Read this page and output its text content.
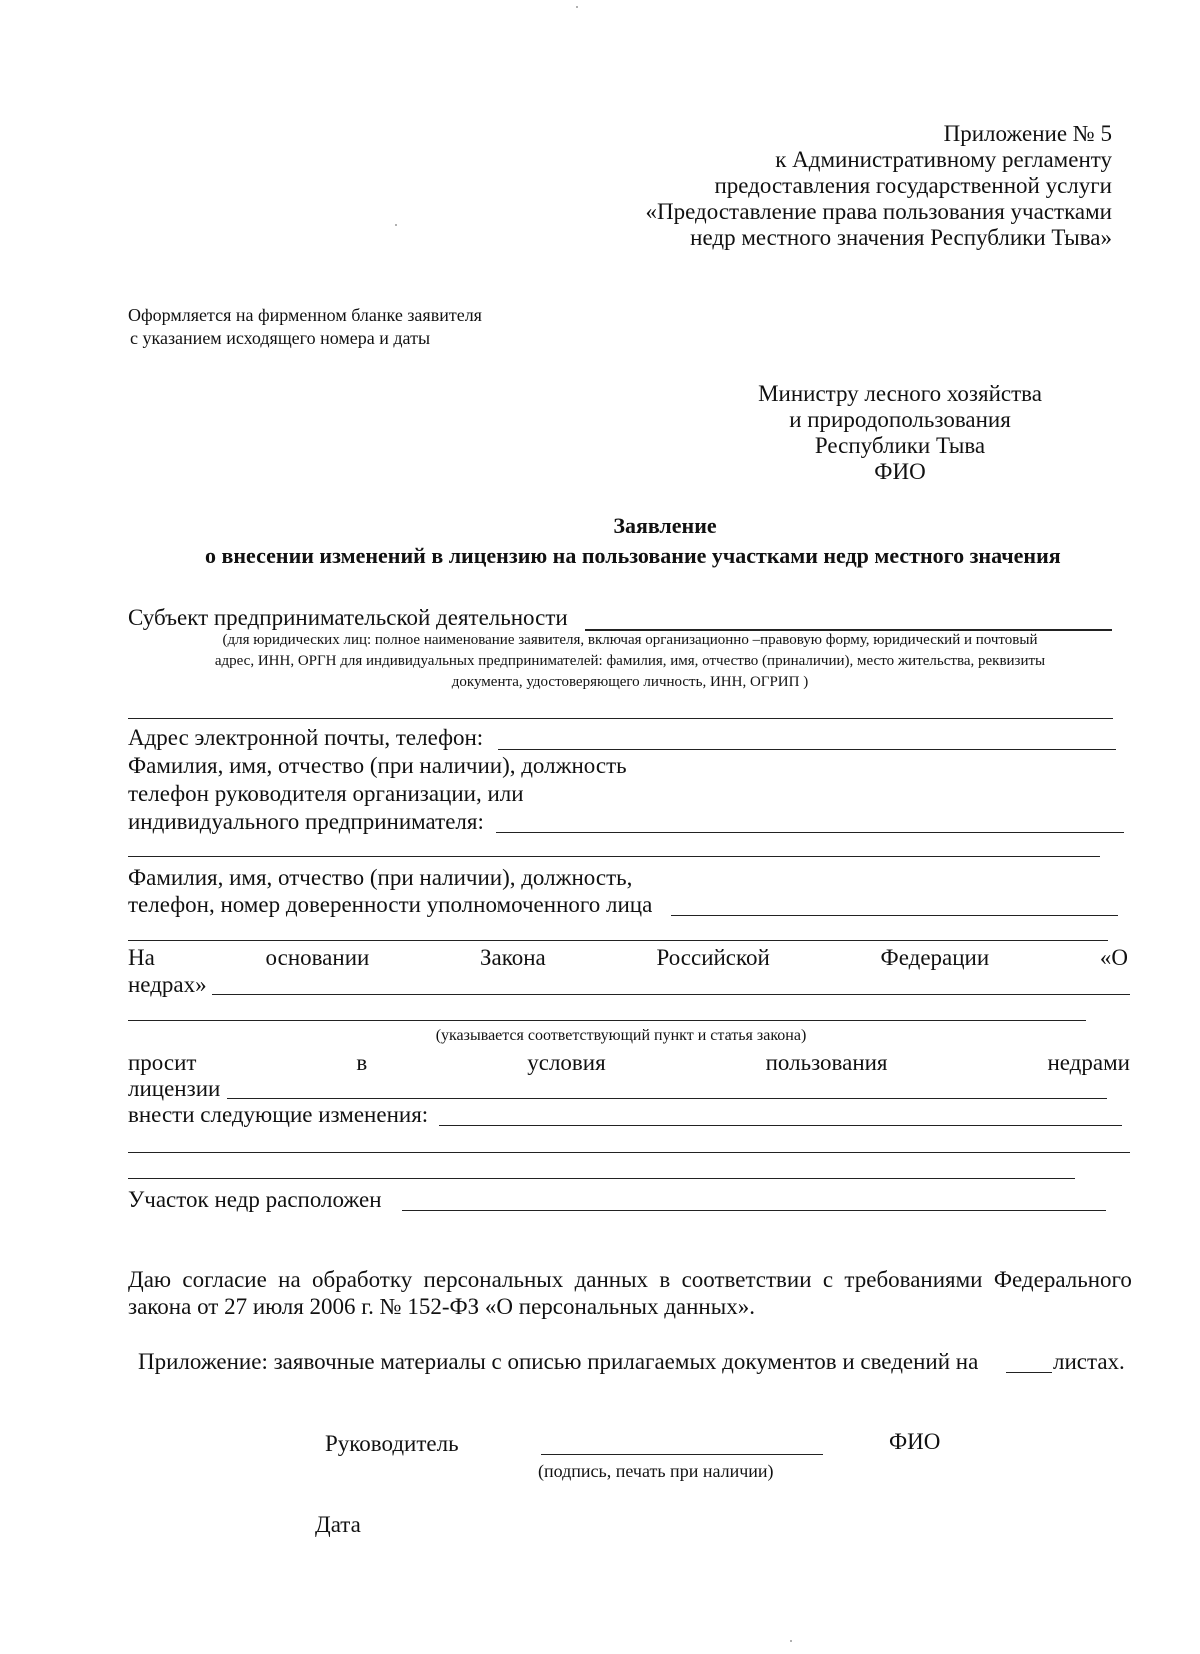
Приложение № 5
к Административному регламенту
предоставления государственной услуги
«Предоставление права пользования участками
недр местного значения Республики Тыва»
Оформляется на фирменном бланке заявителя
с указанием исходящего номера и даты
Министру лесного хозяйства
и природопользования
Республики Тыва
ФИО
Заявление
о внесении изменений в лицензию на пользование участками недр местного значения
Субъект предпринимательской деятельности
(для юридических лиц: полное наименование заявителя, включая организационно –правовую форму, юридический и почтовый
адрес, ИНН, ОРГН для индивидуальных предпринимателей: фамилия, имя, отчество (приналичии), место жительства, реквизиты
документа, удостоверяющего личность, ИНН, ОГРИП )
Адрес электронной почты, телефон:
Фамилия, имя, отчество (при наличии), должность
телефон руководителя организации, или
индивидуального предпринимателя:
Фамилия, имя, отчество (при наличии), должность,
телефон, номер доверенности уполномоченного лица
На	основании	Закона	Российской	Федерации	«О
недрах»
(указывается соответствующий пункт и статья закона)
просит	в	условия	пользования	недрами
лицензии
внести следующие изменения:
Участок недр расположен
Даю согласие на обработку персональных данных в соответствии с требованиями Федерального
закона от 27 июля 2006 г. № 152-ФЗ «О персональных данных».
Приложение: заявочные материалы с описью прилагаемых документов и сведений на	листах.
Руководитель	ФИО
(подпись, печать при наличии)
Дата
